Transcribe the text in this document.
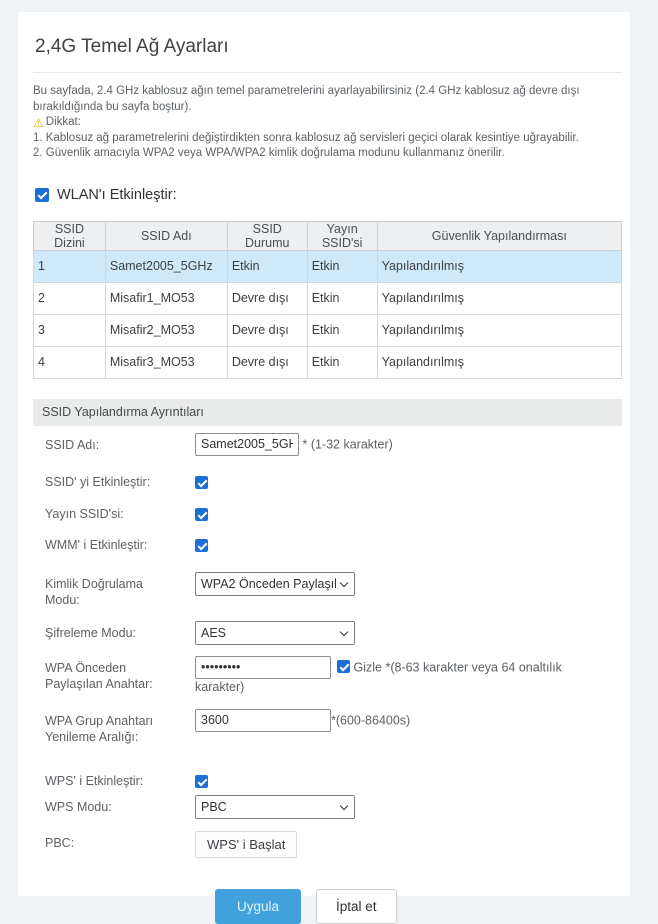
2,4G Temel Ağ Ayarları
Bu sayfada, 2.4 GHz kablosuz ağın temel parametrelerini ayarlayabilirsiniz (2.4 GHz kablosuz ağ devre dışı bırakıldığında bu sayfa boştur).
⚠ Dikkat:
1. Kablosuz ağ parametrelerini değiştirdikten sonra kablosuz ağ servisleri geçici olarak kesintiye uğrayabilir.
2. Güvenlik amacıyla WPA2 veya WPA/WPA2 kimlik doğrulama modunu kullanmanız önerilir.
WLAN'ı Etkinleştir:
SSID Dizini	SSID Adı	SSID Durumu	Yayın SSID'si	Güvenlik Yapılandırması
1	Samet2005_5GHz	Etkin	Etkin	Yapılandırılmış
2	Misafir1_MO53	Devre dışı	Etkin	Yapılandırılmış
3	Misafir2_MO53	Devre dışı	Etkin	Yapılandırılmış
4	Misafir3_MO53	Devre dışı	Etkin	Yapılandırılmış
SSID Yapılandırma Ayrıntıları
SSID Adı:
Samet2005_5GHz	* (1-32 karakter)
SSID' yi Etkinleştir:
Yayın SSID'si:
WMM' i Etkinleştir:
Kimlik Doğrulama Modu:
WPA2 Önceden Paylaşıla
Şifreleme Modu:
AES
WPA Önceden Paylaşılan Anahtar:
••••••••• Gizle *(8-63 karakter veya 64 onaltılık
karakter)
WPA Grup Anahtarı Yenileme Aralığı:
3600*(600-86400s)
WPS' i Etkinleştir:
WPS Modu:
PBC
PBC:	WPS' i Başlat
Uygula	İptal et
